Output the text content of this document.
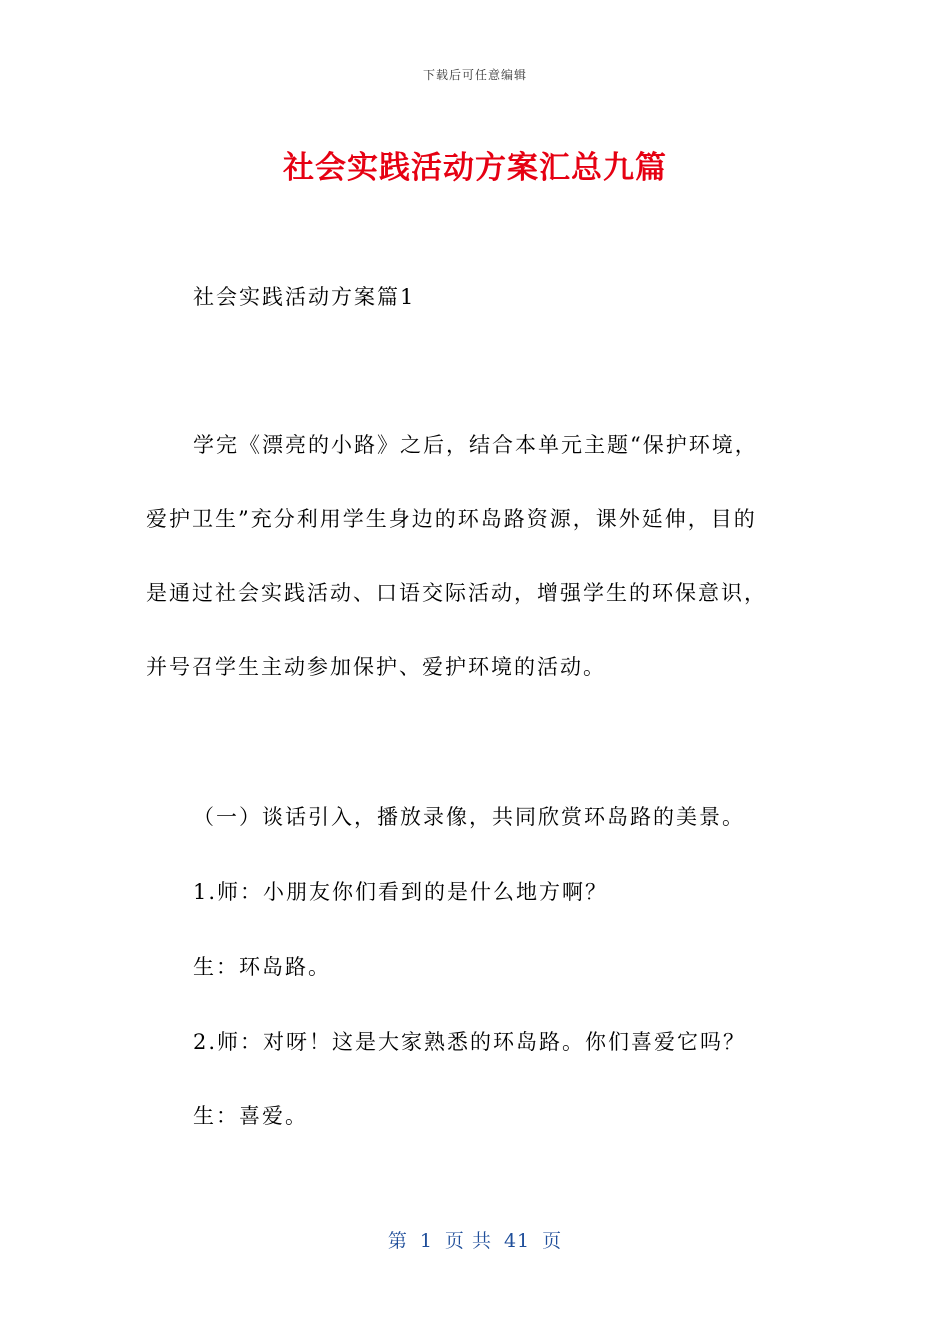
下载后可任意编辑
社会实践活动方案汇总九篇
社会实践活动方案篇1
学完《漂亮的小路》之后，结合本单元主题“保护环境，
爱护卫生”充分利用学生身边的环岛路资源，课外延伸，目的
是通过社会实践活动、口语交际活动，增强学生的环保意识，
并号召学生主动参加保护、爱护环境的活动。
（一）谈话引入，播放录像，共同欣赏环岛路的美景。
1.师：小朋友你们看到的是什么地方啊？
生：环岛路。
2.师：对呀！这是大家熟悉的环岛路。你们喜爱它吗？
生：喜爱。
第 1 页 共 41 页
